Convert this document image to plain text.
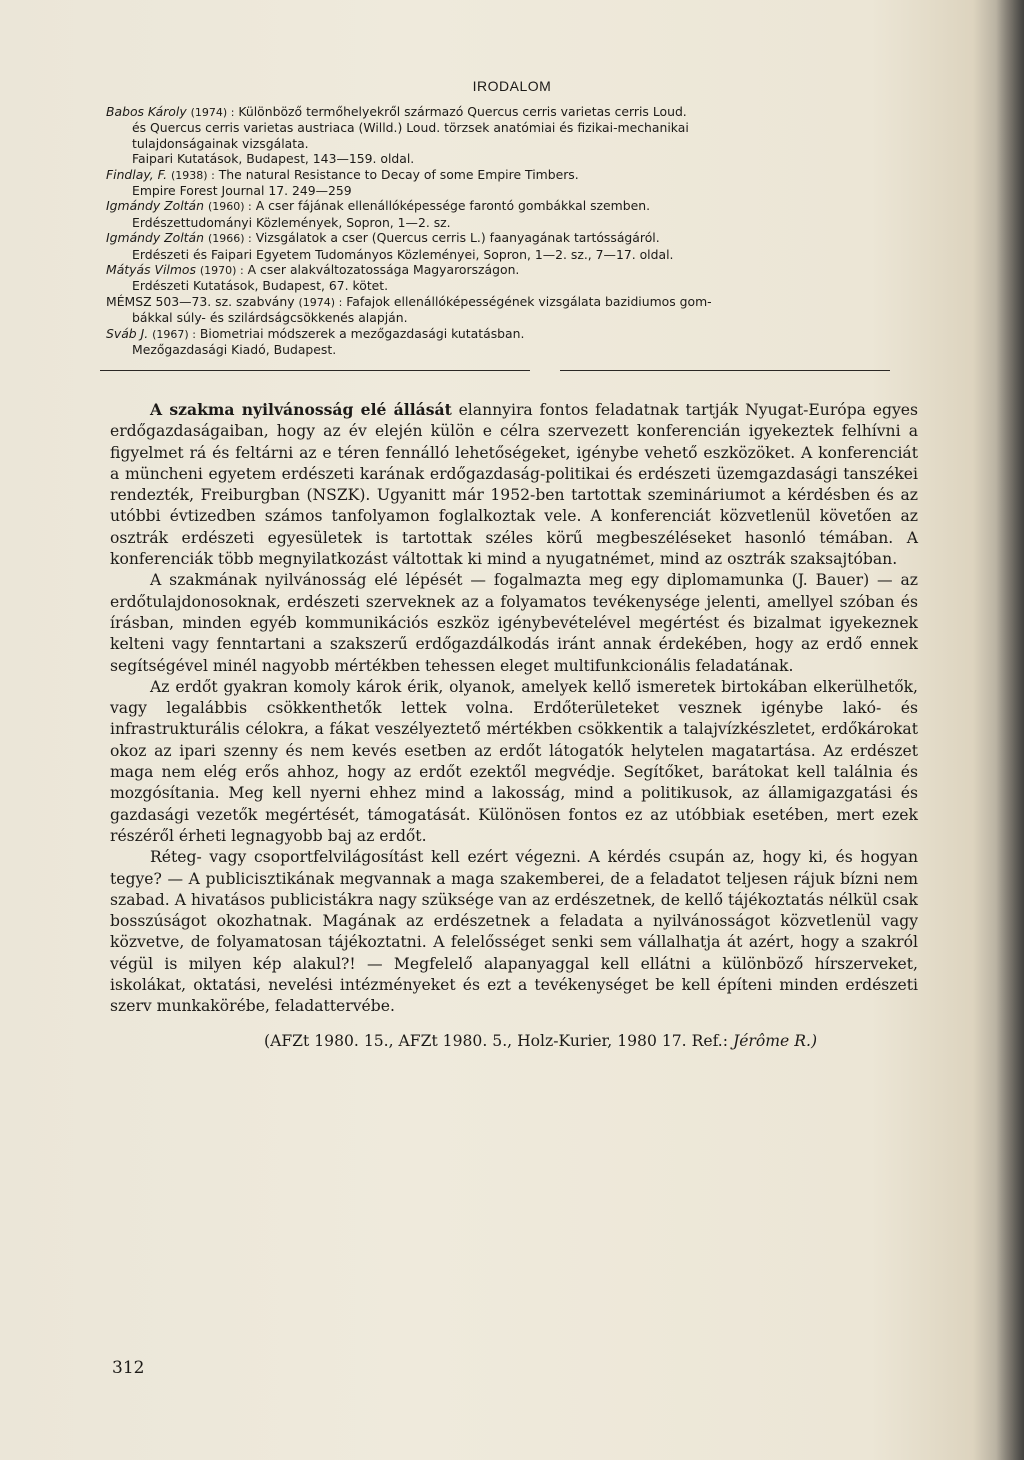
IRODALOM
Babos Károly (1974) : Különböző termőhelyekről származó Quercus cerris varietas cerris Loud.
és Quercus cerris varietas austriaca (Willd.) Loud. törzsek anatómiai és fizikai-mechanikai
tulajdonságainak vizsgálata.
Faipari Kutatások, Budapest, 143—159. oldal.
Findlay, F. (1938) : The natural Resistance to Decay of some Empire Timbers.
Empire Forest Journal 17. 249—259
Igmándy Zoltán (1960) : A cser fájának ellenállóképessége farontó gombákkal szemben.
Erdészettudományi Közlemények, Sopron, 1—2. sz.
Igmándy Zoltán (1966) : Vizsgálatok a cser (Quercus cerris L.) faanyagának tartósságáról.
Erdészeti és Faipari Egyetem Tudományos Közleményei, Sopron, 1—2. sz., 7—17. oldal.
Mátyás Vilmos (1970) : A cser alakváltozatossága Magyarországon.
Erdészeti Kutatások, Budapest, 67. kötet.
MÉMSZ 503—73. sz. szabvány (1974) : Fafajok ellenállóképességének vizsgálata bazidiumos gom-
bákkal súly- és szilárdságcsökkenés alapján.
Sváb J. (1967) : Biometriai módszerek a mezőgazdasági kutatásban.
Mezőgazdasági Kiadó, Budapest.

A szakma nyilvánosság elé állását elannyira fontos feladatnak tartják Nyugat-Európa egyes erdőgazdaságaiban, hogy az év elején külön e célra szervezett konferencián igyekeztek felhívni a figyelmet rá és feltárni az e téren fennálló lehetőségeket, igénybe vehető eszközöket. A konferenciát a müncheni egyetem erdészeti karának erdőgazdaság-politikai és erdészeti üzemgazdasági tanszékei rendezték, Freiburgban (NSZK). Ugyanitt már 1952-ben tartottak szemináriumot a kérdésben és az utóbbi évtizedben számos tanfolyamon foglalkoztak vele. A konferenciát közvetlenül követően az osztrák erdészeti egyesületek is tartottak széles körű megbeszéléseket hasonló témában. A konferenciák több megnyilatkozást váltottak ki mind a nyugatnémet, mind az osztrák szaksajtóban.

A szakmának nyilvánosság elé lépését — fogalmazta meg egy diplomamunka (J. Bauer) — az erdőtulajdonosoknak, erdészeti szerveknek az a folyamatos tevékenysége jelenti, amellyel szóban és írásban, minden egyéb kommunikációs eszköz igénybevételével megértést és bizalmat igyekeznek kelteni vagy fenntartani a szakszerű erdőgazdálkodás iránt annak érdekében, hogy az erdő ennek segítségével minél nagyobb mértékben tehessen eleget multifunkcionális feladatának.

Az erdőt gyakran komoly károk érik, olyanok, amelyek kellő ismeretek birtokában elkerülhetők, vagy legalábbis csökkenthetők lettek volna. Erdőterületeket vesznek igénybe lakó- és infrastrukturális célokra, a fákat veszélyeztető mértékben csökkentik a talajvízkészletet, erdőkárokat okoz az ipari szenny és nem kevés esetben az erdőt látogatók helytelen magatartása. Az erdészet maga nem elég erős ahhoz, hogy az erdőt ezektől megvédje. Segítőket, barátokat kell találnia és mozgósítania. Meg kell nyerni ehhez mind a lakosság, mind a politikusok, az államigazgatási és gazdasági vezetők megértését, támogatását. Különösen fontos ez az utóbbiak esetében, mert ezek részéről érheti legnagyobb baj az erdőt.

Réteg- vagy csoportfelvilágosítást kell ezért végezni. A kérdés csupán az, hogy ki, és hogyan tegye? — A publicisztikának megvannak a maga szakemberei, de a feladatot teljesen rájuk bízni nem szabad. A hivatásos publicistákra nagy szüksége van az erdészetnek, de kellő tájékoztatás nélkül csak bosszúságot okozhatnak. Magának az erdészetnek a feladata a nyilvánosságot közvetlenül vagy közvetve, de folyamatosan tájékoztatni. A felelősséget senki sem vállalhatja át azért, hogy a szakról végül is milyen kép alakul?! — Megfelelő alapanyaggal kell ellátni a különböző hírszerveket, iskolákat, oktatási, nevelési intézményeket és ezt a tevékenységet be kell építeni minden erdészeti szerv munkakörébe, feladattervébe.

(AFZt 1980. 15., AFZt 1980. 5., Holz-Kurier, 1980 17. Ref.: Jérôme R.)
312
